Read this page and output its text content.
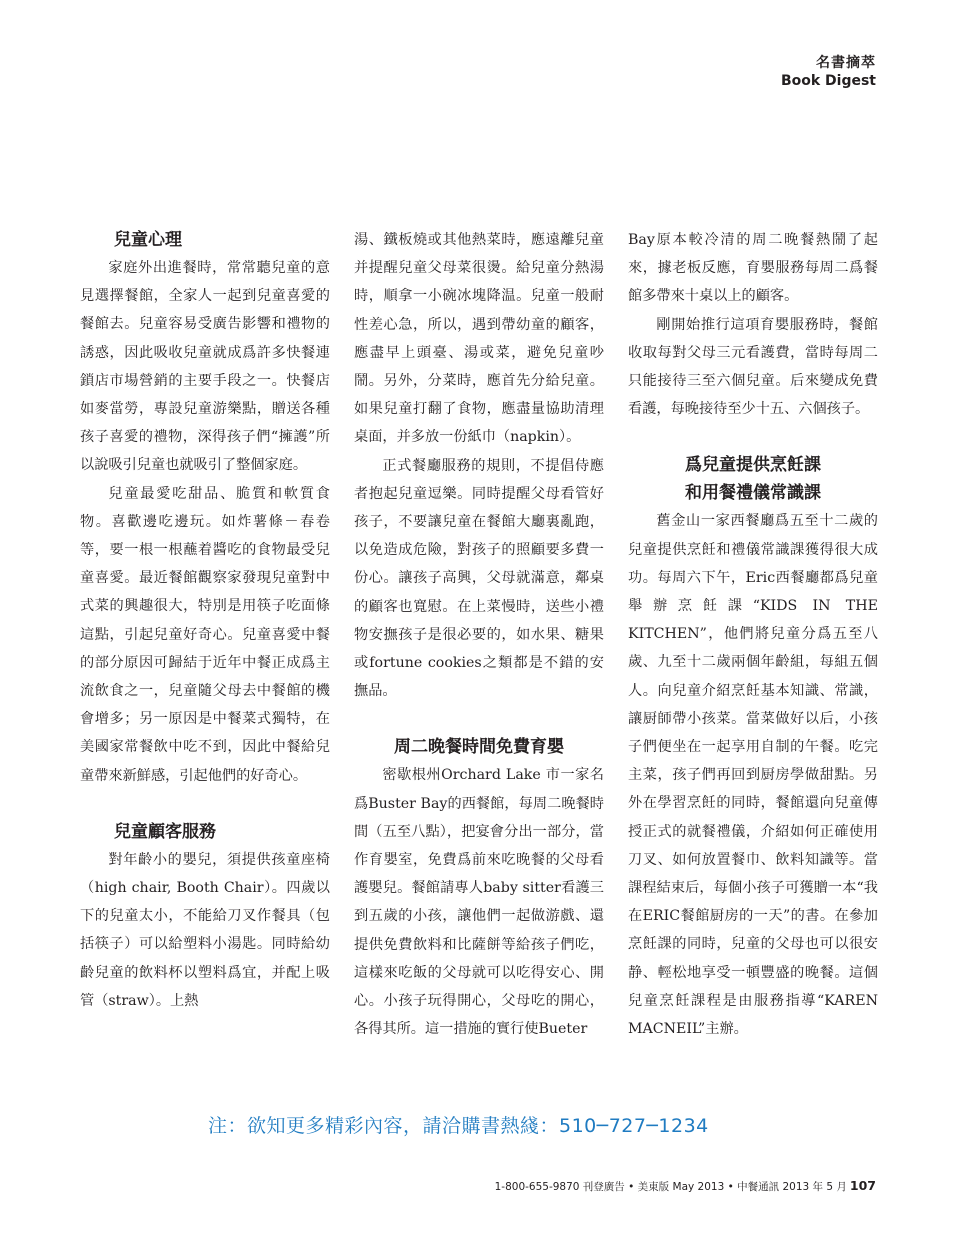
名書摘萃
Book Digest
兒童心理

家庭外出進餐時，常常聽兒童的意見選擇餐館，全家人一起到兒童喜愛的餐館去。兒童容易受廣告影響和禮物的誘惑，因此吸收兒童就成爲許多快餐連鎖店市場營銷的主要手段之一。快餐店如麥當勞，專設兒童游樂點，贈送各種孩子喜愛的禮物，深得孩子們“擁護”所以說吸引兒童也就吸引了整個家庭。

兒童最愛吃甜品、脆質和軟質食物。喜歡邊吃邊玩。如炸薯條－春卷等，要一根一根蘸着醬吃的食物最受兒童喜愛。最近餐館觀察家發現兒童對中式菜的興趣很大，特別是用筷子吃面條這點，引起兒童好奇心。兒童喜愛中餐的部分原因可歸結于近年中餐正成爲主流飲食之一，兒童隨父母去中餐館的機會增多；另一原因是中餐菜式獨特，在美國家常餐飲中吃不到，因此中餐給兒童帶來新鮮感，引起他們的好奇心。

兒童顧客服務

對年齡小的嬰兒，須提供孩童座椅（high chair, Booth Chair）。四歲以下的兒童太小，不能給刀叉作餐具（包括筷子）可以給塑料小湯匙。同時給幼齡兒童的飲料杯以塑料爲宜，并配上吸管（straw）。上熱

湯、鐵板燒或其他熱菜時，應遠離兒童并提醒兒童父母菜很燙。給兒童分熱湯時，順拿一小碗冰塊降温。兒童一般耐性差心急，所以，遇到帶幼童的顧客，應盡早上頭臺、湯或菜，避免兒童吵鬧。另外，分菜時，應首先分給兒童。如果兒童打翻了食物，應盡量協助清理桌面，并多放一份紙巾（napkin）。

正式餐廳服務的規則，不提倡侍應者抱起兒童逗樂。同時提醒父母看管好孩子，不要讓兒童在餐館大廳裏亂跑，以免造成危險，對孩子的照顧要多費一份心。讓孩子高興，父母就滿意，鄰桌的顧客也寬慰。在上菜慢時，送些小禮物安撫孩子是很必要的，如水果、糖果或fortune cookies之類都是不錯的安撫品。

周二晚餐時間免費育嬰

密歇根州Orchard Lake 市一家名爲Buster Bay的西餐館，每周二晚餐時間（五至八點），把宴會分出一部分，當作育嬰室，免費爲前來吃晚餐的父母看護嬰兒。餐館請專人baby sitter看護三到五歲的小孩，讓他們一起做游戲、還提供免費飲料和比薩餅等給孩子們吃，這樣來吃飯的父母就可以吃得安心、開心。小孩子玩得開心，父母吃的開心，各得其所。這一措施的實行使Bueter

Bay原本較冷清的周二晚餐熱鬧了起來，據老板反應，育嬰服務每周二爲餐館多帶來十桌以上的顧客。

剛開始推行這項育嬰服務時，餐館收取每對父母三元看護費，當時每周二只能接待三至六個兒童。后來變成免費看護，每晚接待至少十五、六個孩子。

爲兒童提供烹飪課
和用餐禮儀常識課

舊金山一家西餐廳爲五至十二歲的兒童提供烹飪和禮儀常識課獲得很大成功。每周六下午，Eric西餐廳都爲兒童舉辦烹飪課“KIDS IN THE KITCHEN”，他們將兒童分爲五至八歲、九至十二歲兩個年齡組，每組五個人。向兒童介紹烹飪基本知識、常識，讓厨師帶小孩菜。當菜做好以后，小孩子們便坐在一起享用自制的午餐。吃完主菜，孩子們再回到厨房學做甜點。另外在學習烹飪的同時，餐館還向兒童傳授正式的就餐禮儀，介紹如何正確使用刀叉、如何放置餐巾、飲料知識等。當課程結束后，每個小孩子可獲贈一本“我在ERIC餐館厨房的一天”的書。在參加烹飪課的同時，兒童的父母也可以很安静、輕松地享受一頓豐盛的晚餐。這個兒童烹飪課程是由服務指導“KAREN MACNEIL”主辦。

注：欲知更多精彩內容，請洽購書熱綫：510─727─1234
1-800-655-9870 刊登廣告 • 美東版 May 2013 • 中餐通訊 2013 年 5 月 107
